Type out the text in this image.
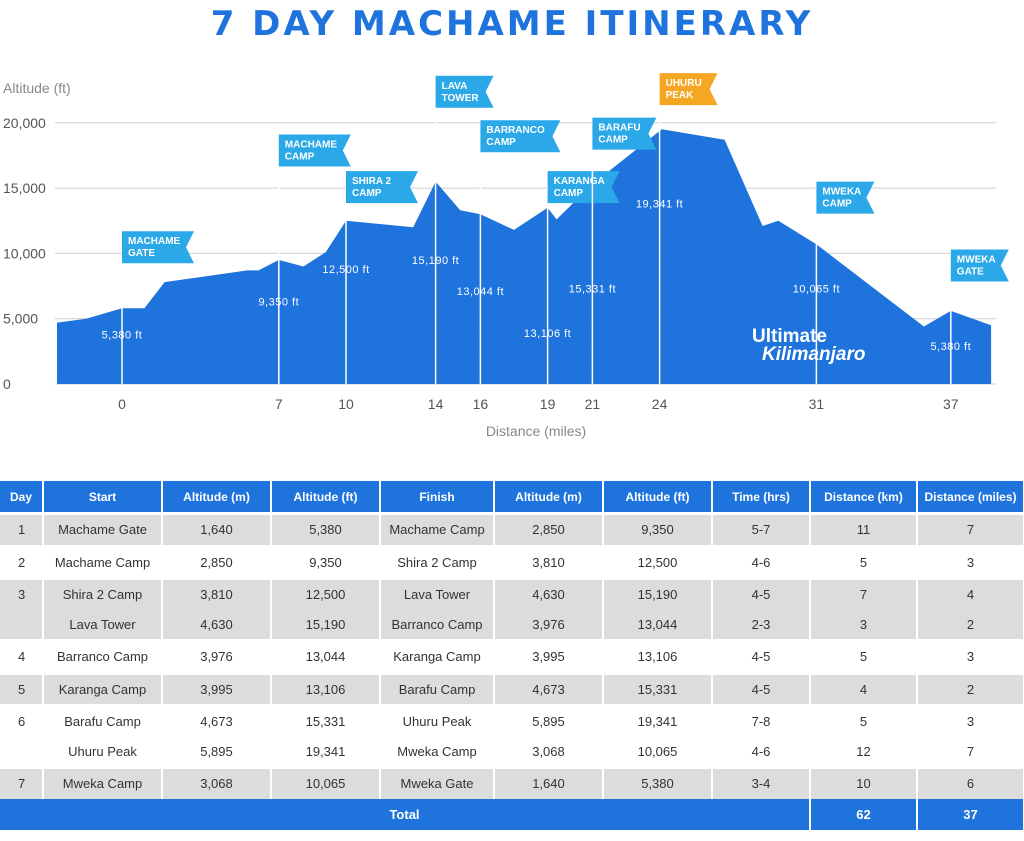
7 DAY MACHAME ITINERARY
MACHAME
GATE
MACHAME
CAMP
SHIRA 2
CAMP
LAVA
TOWER
BARRANCO
CAMP
KARANGA
CAMP
BARAFU
CAMP
UHURU
PEAK
MWEKA
CAMP
MWEKA
GATE
5,380 ft
9,350 ft
12,500 ft
15,190 ft
13,044 ft
13,106 ft
15,331 ft
19,341 ft
10,065 ft
5,380 ft
0
5,000
10,000
15,000
20,000
0	7	10	14 16	19 21	24	31	37
Altitude (ft)
Distance (miles)
Ultimate
Kilimanjaro
Day	Start	Altitude (m)	Altitude (ft)	Finish	Altitude (m)	Altitude (ft)	Time (hrs)	Distance (km)	Distance (miles)
1	Machame Gate	1,640	5,380	Machame Camp	2,850	9,350	5-7	11	7
2	Machame Camp	2,850	9,350	Shira 2 Camp	3,810	12,500	4-6	5	3
3	Shira 2 Camp	3,810	12,500	Lava Tower	4,630	15,190	4-5	7	4
	Lava Tower	4,630	15,190	Barranco Camp	3,976	13,044	2-3	3	2
4	Barranco Camp	3,976	13,044	Karanga Camp	3,995	13,106	4-5	5	3
5	Karanga Camp	3,995	13,106	Barafu Camp	4,673	15,331	4-5	4	2
6	Barafu Camp	4,673	15,331	Uhuru Peak	5,895	19,341	7-8	5	3
	Uhuru Peak	5,895	19,341	Mweka Camp	3,068	10,065	4-6	12	7
7	Mweka Camp	3,068	10,065	Mweka Gate	1,640	5,380	3-4	10	6
Total								62	37
